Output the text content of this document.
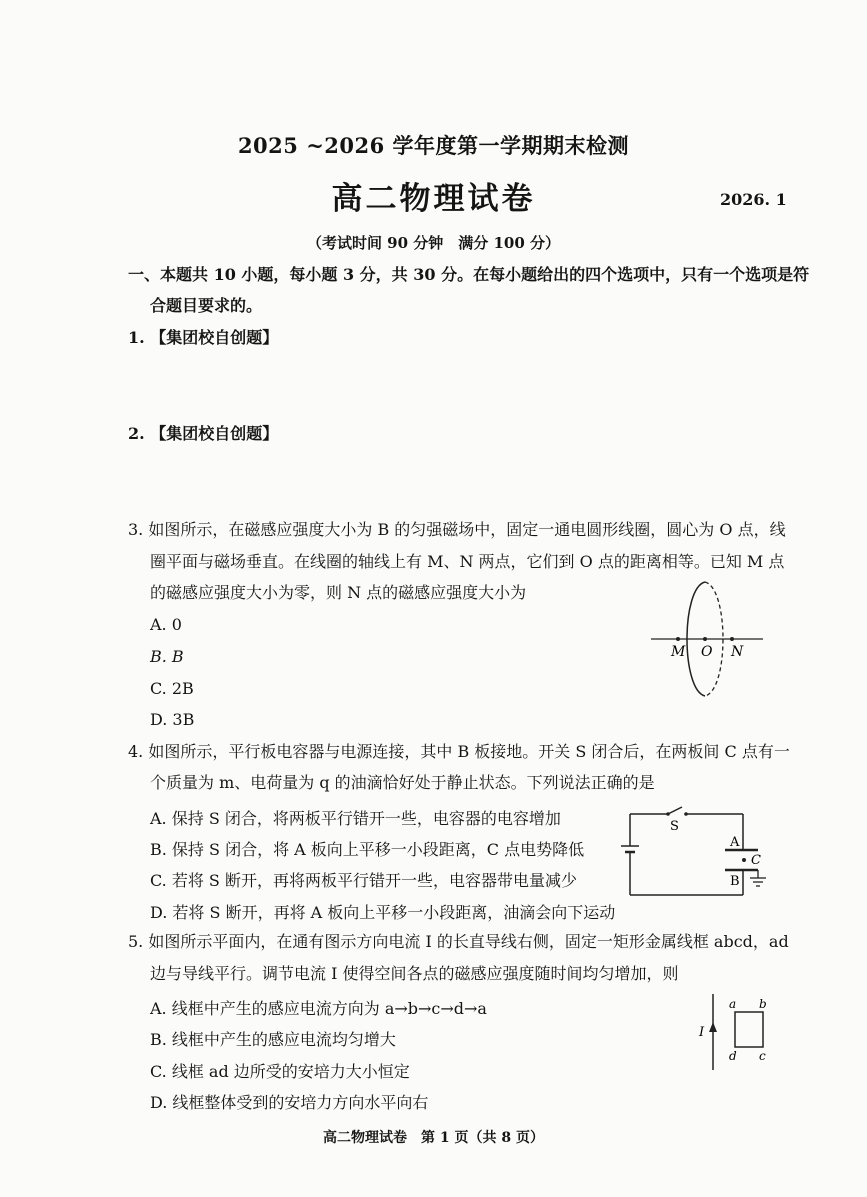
2025 ~2026 学年度第一学期期末检测
高二物理试卷	2026. 1
（考试时间 90 分钟　满分 100 分）
一、本题共 10 小题，每小题 3 分，共 30 分。在每小题给出的四个选项中，只有一个选项是符
合题目要求的。
1. 【集团校自创题】
2. 【集团校自创题】
3. 如图所示，在磁感应强度大小为 B 的匀强磁场中，固定一通电圆形线圈，圆心为 O 点，线
圈平面与磁场垂直。在线圈的轴线上有 M、N 两点，它们到 O 点的距离相等。已知 M 点
的磁感应强度大小为零，则 N 点的磁感应强度大小为
A. 0
B. B
C. 2B
D. 3B
M O N
4. 如图所示，平行板电容器与电源连接，其中 B 板接地。开关 S 闭合后，在两板间 C 点有一
个质量为 m、电荷量为 q 的油滴恰好处于静止状态。下列说法正确的是
A. 保持 S 闭合，将两板平行错开一些，电容器的电容增加
B. 保持 S 闭合，将 A 板向上平移一小段距离，C 点电势降低
C. 若将 S 断开，再将两板平行错开一些，电容器带电量减少
D. 若将 S 断开，再将 A 板向上平移一小段距离，油滴会向下运动
S
A
B
C
5. 如图所示平面内，在通有图示方向电流 I 的长直导线右侧，固定一矩形金属线框 abcd，ad
边与导线平行。调节电流 I 使得空间各点的磁感应强度随时间均匀增加，则
A. 线框中产生的感应电流方向为 a→b→c→d→a
B. 线框中产生的感应电流均匀增大
C. 线框 ad 边所受的安培力大小恒定
D. 线框整体受到的安培力方向水平向右
I
a b
d c
高二物理试卷　第 1 页（共 8 页）
